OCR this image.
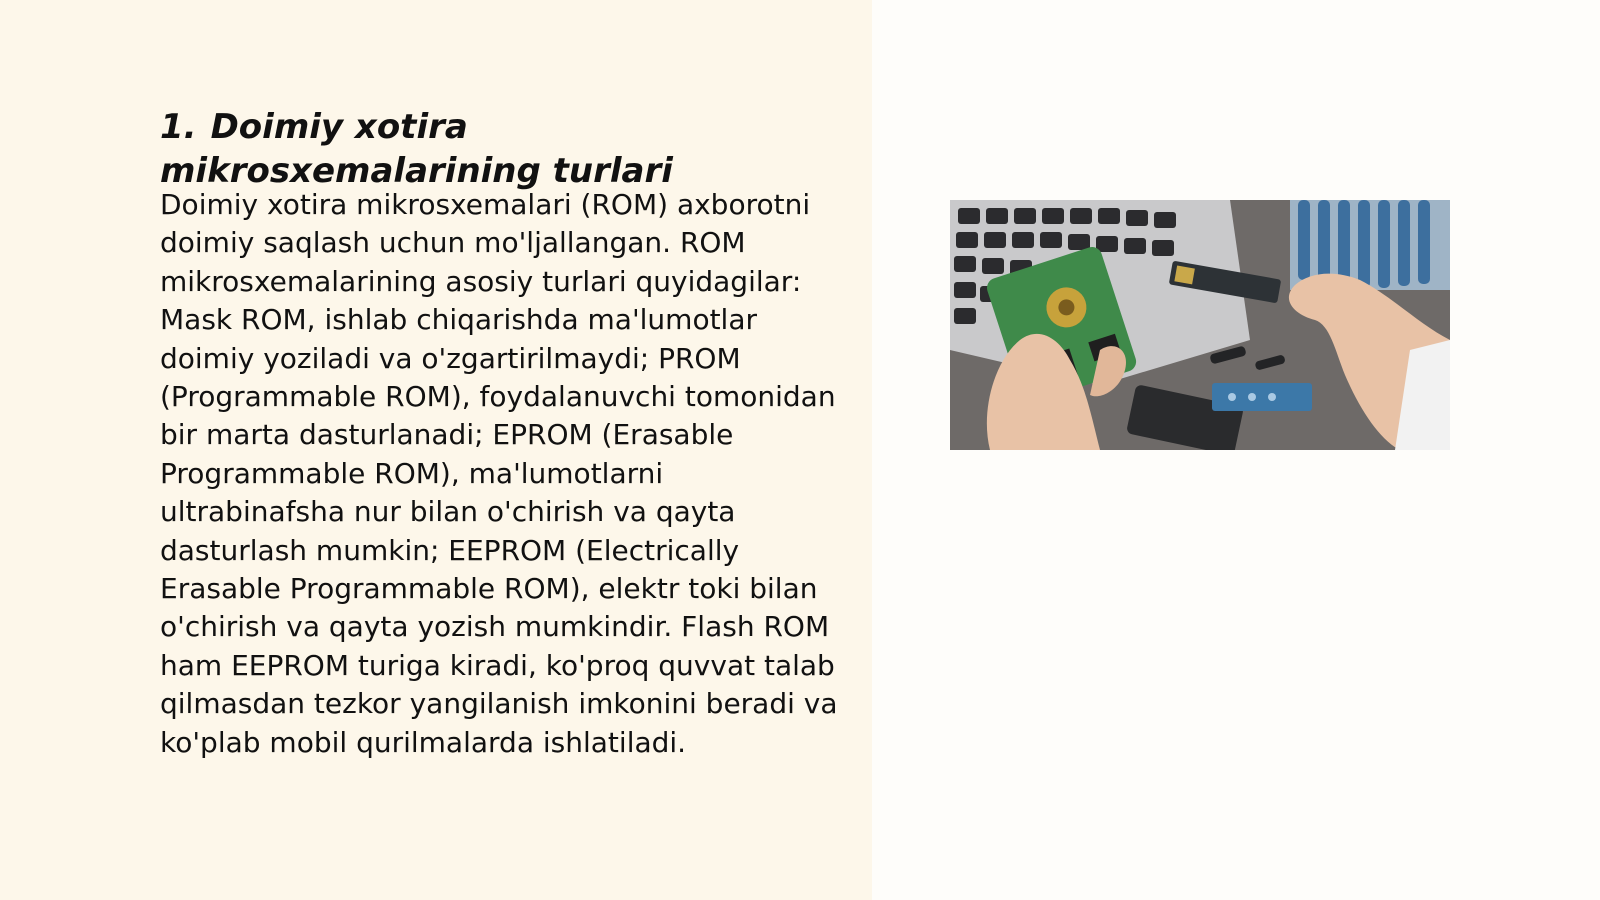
1. Doimiy xotira mikrosxemalarining turlari

Doimiy xotira mikrosxemalari (ROM) axborotni doimiy saqlash uchun mo'ljallangan. ROM mikrosxemalarining asosiy turlari quyidagilar: Mask ROM, ishlab chiqarishda ma'lumotlar doimiy yoziladi va o'zgartirilmaydi; PROM (Programmable ROM), foydalanuvchi tomonidan bir marta dasturlanadi; EPROM (Erasable Programmable ROM), ma'lumotlarni ultrabinafsha nur bilan o'chirish va qayta dasturlash mumkin; EEPROM (Electrically Erasable Programmable ROM), elektr toki bilan o'chirish va qayta yozish mumkindir. Flash ROM ham EEPROM turiga kiradi, ko'proq quvvat talab qilmasdan tezkor yangilanish imkonini beradi va ko'plab mobil qurilmalarda ishlatiladi.
